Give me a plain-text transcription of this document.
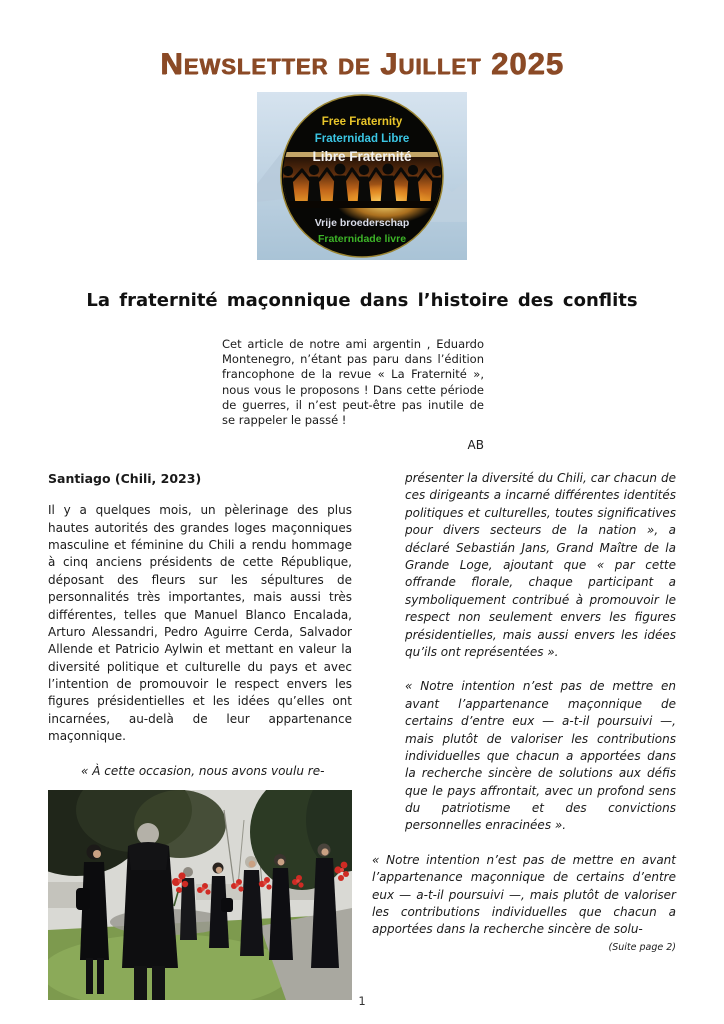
Newsletter de Juillet 2025
Free Fraternity
Fraternidad Libre
Libre Fraternité
Vrije broederschap
Fraternidade livre
La fraternité maçonnique dans l’histoire des conflits
Cet article de notre ami argentin , Eduardo Montenegro, n’étant pas paru dans l’édition francophone de la revue « La Fraternité », nous vous le proposons ! Dans cette période de guerres, il n’est peut-être pas inutile de se rappeler le passé !
AB
Santiago (Chili, 2023)

Il y a quelques mois, un pèlerinage des plus hautes autorités des grandes loges maçonniques masculine et féminine du Chili a rendu hommage à cinq anciens présidents de cette République, déposant des fleurs sur les sépultures de personnalités très importantes, mais aussi très différentes, telles que Manuel Blanco Encalada, Arturo Alessandri, Pedro Aguirre Cerda, Salvador Allende et Patricio Aylwin et mettant en valeur la diversité politique et culturelle du pays et avec l’intention de promouvoir le respect envers les figures présidentielles et les idées qu’elles ont incarnées, au-delà de leur appartenance maçonnique.

« À cette occasion, nous avons voulu re-

présenter la diversité du Chili, car chacun de ces dirigeants a incarné différentes identités politiques et culturelles, toutes significatives pour divers secteurs de la nation », a déclaré Sebastián Jans, Grand Maître de la Grande Loge, ajoutant que « par cette offrande florale, chaque participant a symboliquement contribué à promouvoir le respect non seulement envers les figures présidentielles, mais aussi envers les idées qu’ils ont représentées ».

« Notre intention n’est pas de mettre en avant l’appartenance maçonnique de certains d’entre eux — a-t-il poursuivi —, mais plutôt de valoriser les contributions individuelles que chacun a apportées dans la recherche sincère de solutions aux défis que le pays affrontait, avec un profond sens du patriotisme et des convictions personnelles enracinées ».

« Notre intention n’est pas de mettre en avant l’appartenance maçonnique de certains d’entre eux — a-t-il poursuivi —, mais plutôt de valoriser les contributions individuelles que chacun a apportées dans la recherche sincère de solu-

(Suite page 2)
1
